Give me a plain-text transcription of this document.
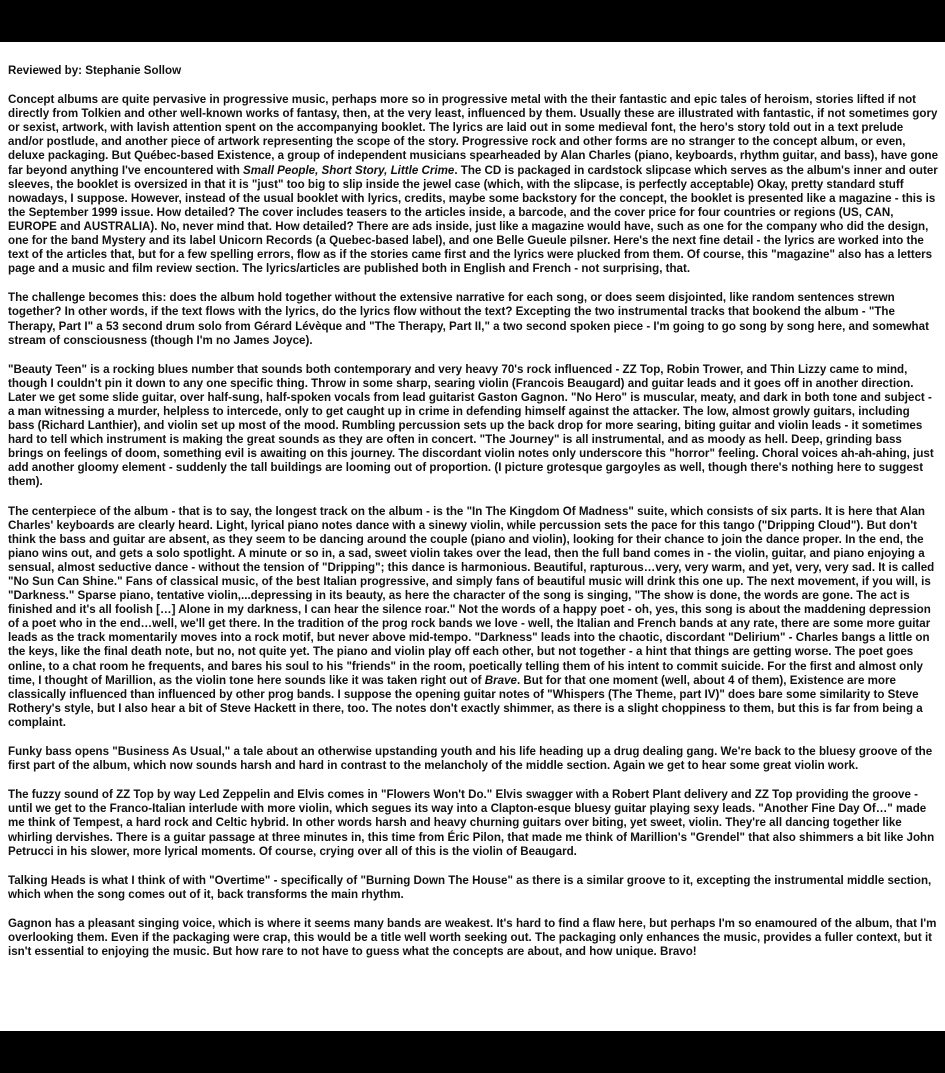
Reviewed by: Stephanie Sollow

Concept albums are quite pervasive in progressive music, perhaps more so in progressive metal with the their fantastic and epic tales of heroism, stories lifted if not directly from Tolkien and other well-known works of fantasy, then, at the very least, influenced by them. Usually these are illustrated with fantastic, if not sometimes gory or sexist, artwork, with lavish attention spent on the accompanying booklet. The lyrics are laid out in some medieval font, the hero's story told out in a text prelude and/or postlude, and another piece of artwork representing the scope of the story. Progressive rock and other forms are no stranger to the concept album, or even, deluxe packaging. But Québec-based Existence, a group of independent musicians spearheaded by Alan Charles (piano, keyboards, rhythm guitar, and bass), have gone far beyond anything I've encountered with Small People, Short Story, Little Crime. The CD is packaged in cardstock slipcase which serves as the album's inner and outer sleeves, the booklet is oversized in that it is "just" too big to slip inside the jewel case (which, with the slipcase, is perfectly acceptable) Okay, pretty standard stuff nowadays, I suppose. However, instead of the usual booklet with lyrics, credits, maybe some backstory for the concept, the booklet is presented like a magazine - this is the September 1999 issue. How detailed? The cover includes teasers to the articles inside, a barcode, and the cover price for four countries or regions (US, CAN, EUROPE and AUSTRALIA). No, never mind that. How detailed? There are ads inside, just like a magazine would have, such as one for the company who did the design, one for the band Mystery and its label Unicorn Records (a Quebec-based label), and one Belle Gueule pilsner. Here's the next fine detail - the lyrics are worked into the text of the articles that, but for a few spelling errors, flow as if the stories came first and the lyrics were plucked from them. Of course, this "magazine" also has a letters page and a music and film review section. The lyrics/articles are published both in English and French - not surprising, that.

The challenge becomes this: does the album hold together without the extensive narrative for each song, or does seem disjointed, like random sentences strewn together? In other words, if the text flows with the lyrics, do the lyrics flow without the text? Excepting the two instrumental tracks that bookend the album - "The Therapy, Part I" a 53 second drum solo from Gérard Lévèque and "The Therapy, Part II," a two second spoken piece - I'm going to go song by song here, and somewhat stream of consciousness (though I'm no James Joyce).

"Beauty Teen" is a rocking blues number that sounds both contemporary and very heavy 70's rock influenced - ZZ Top, Robin Trower, and Thin Lizzy came to mind, though I couldn't pin it down to any one specific thing. Throw in some sharp, searing violin (Francois Beaugard) and guitar leads and it goes off in another direction. Later we get some slide guitar, over half-sung, half-spoken vocals from lead guitarist Gaston Gagnon. "No Hero" is muscular, meaty, and dark in both tone and subject - a man witnessing a murder, helpless to intercede, only to get caught up in crime in defending himself against the attacker. The low, almost growly guitars, including bass (Richard Lanthier), and violin set up most of the mood. Rumbling percussion sets up the back drop for more searing, biting guitar and violin leads - it sometimes hard to tell which instrument is making the great sounds as they are often in concert. "The Journey" is all instrumental, and as moody as hell. Deep, grinding bass brings on feelings of doom, something evil is awaiting on this journey. The discordant violin notes only underscore this "horror" feeling. Choral voices ah-ah-ahing, just add another gloomy element - suddenly the tall buildings are looming out of proportion. (I picture grotesque gargoyles as well, though there's nothing here to suggest them).

The centerpiece of the album - that is to say, the longest track on the album - is the "In The Kingdom Of Madness" suite, which consists of six parts. It is here that Alan Charles' keyboards are clearly heard. Light, lyrical piano notes dance with a sinewy violin, while percussion sets the pace for this tango ("Dripping Cloud"). But don't think the bass and guitar are absent, as they seem to be dancing around the couple (piano and violin), looking for their chance to join the dance proper. In the end, the piano wins out, and gets a solo spotlight. A minute or so in, a sad, sweet violin takes over the lead, then the full band comes in - the violin, guitar, and piano enjoying a sensual, almost seductive dance - without the tension of "Dripping"; this dance is harmonious. Beautiful, rapturous…very, very warm, and yet, very, very sad. It is called "No Sun Can Shine." Fans of classical music, of the best Italian progressive, and simply fans of beautiful music will drink this one up. The next movement, if you will, is "Darkness." Sparse piano, tentative violin,...depressing in its beauty, as here the character of the song is singing, "The show is done, the words are gone. The act is finished and it's all foolish […] Alone in my darkness, I can hear the silence roar." Not the words of a happy poet - oh, yes, this song is about the maddening depression of a poet who in the end…well, we'll get there. In the tradition of the prog rock bands we love - well, the Italian and French bands at any rate, there are some more guitar leads as the track momentarily moves into a rock motif, but never above mid-tempo. "Darkness" leads into the chaotic, discordant "Delirium" - Charles bangs a little on the keys, like the final death note, but no, not quite yet. The piano and violin play off each other, but not together - a hint that things are getting worse. The poet goes online, to a chat room he frequents, and bares his soul to his "friends" in the room, poetically telling them of his intent to commit suicide. For the first and almost only time, I thought of Marillion, as the violin tone here sounds like it was taken right out of Brave. But for that one moment (well, about 4 of them), Existence are more classically influenced than influenced by other prog bands. I suppose the opening guitar notes of "Whispers (The Theme, part IV)" does bare some similarity to Steve Rothery's style, but I also hear a bit of Steve Hackett in there, too. The notes don't exactly shimmer, as there is a slight choppiness to them, but this is far from being a complaint.

Funky bass opens "Business As Usual," a tale about an otherwise upstanding youth and his life heading up a drug dealing gang. We're back to the bluesy groove of the first part of the album, which now sounds harsh and hard in contrast to the melancholy of the middle section. Again we get to hear some great violin work.

The fuzzy sound of ZZ Top by way Led Zeppelin and Elvis comes in "Flowers Won't Do." Elvis swagger with a Robert Plant delivery and ZZ Top providing the groove - until we get to the Franco-Italian interlude with more violin, which segues its way into a Clapton-esque bluesy guitar playing sexy leads. "Another Fine Day Of…" made me think of Tempest, a hard rock and Celtic hybrid. In other words harsh and heavy churning guitars over biting, yet sweet, violin. They're all dancing together like whirling dervishes. There is a guitar passage at three minutes in, this time from Éric Pilon, that made me think of Marillion's "Grendel" that also shimmers a bit like John Petrucci in his slower, more lyrical moments. Of course, crying over all of this is the violin of Beaugard.

Talking Heads is what I think of with "Overtime" - specifically of "Burning Down The House" as there is a similar groove to it, excepting the instrumental middle section, which when the song comes out of it, back transforms the main rhythm.

Gagnon has a pleasant singing voice, which is where it seems many bands are weakest. It's hard to find a flaw here, but perhaps I'm so enamoured of the album, that I'm overlooking them. Even if the packaging were crap, this would be a title well worth seeking out. The packaging only enhances the music, provides a fuller context, but it isn't essential to enjoying the music. But how rare to not have to guess what the concepts are about, and how unique. Bravo!
